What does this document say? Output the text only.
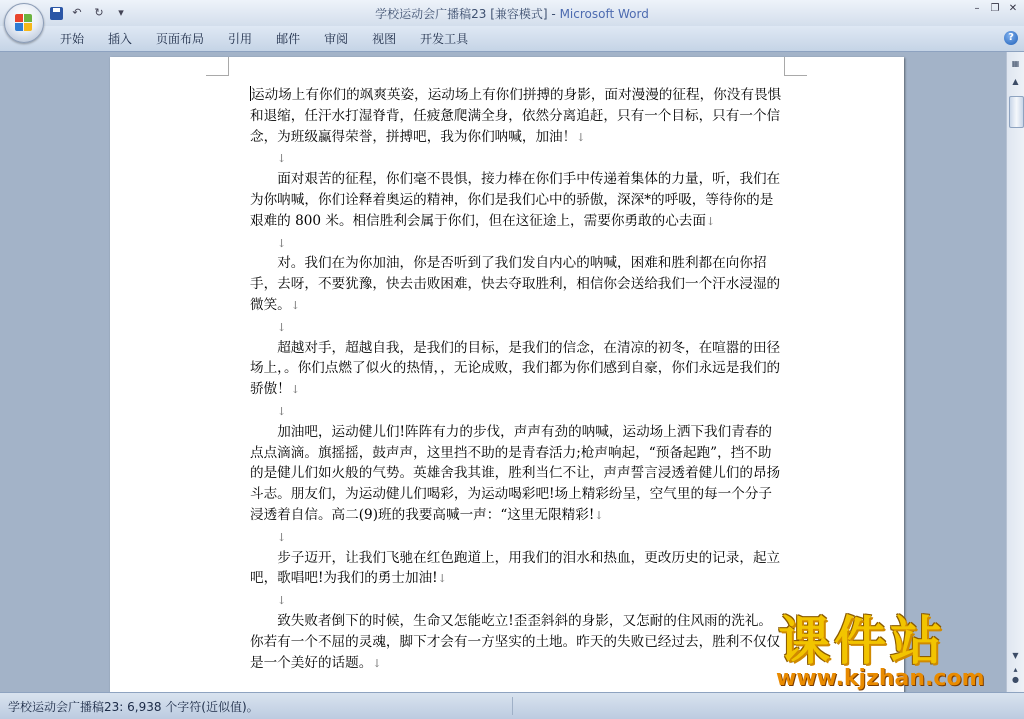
↶	↻	▾	学校运动会广播稿23 [兼容模式] - Microsoft Word	–	❐ ✕
开始	插入	页面布局	引用	邮件	审阅	视图	开发工具	?

运动场上有你们的飒爽英姿，运动场上有你们拼搏的身影，面对漫漫的征程，你没有畏惧和退缩，任汗水打湿脊背，任疲惫爬满全身，依然分离追赶，只有一个目标，只有一个信念，为班级赢得荣誉，拼搏吧，我为你们呐喊，加油！↓

↓

面对艰苦的征程，你们毫不畏惧，接力棒在你们手中传递着集体的力量，听，我们在为你呐喊，你们诠释着奥运的精神，你们是我们心中的骄傲，深深*的呼吸，等待你的是艰难的 800 米。相信胜利会属于你们，但在这征途上，需要你勇敢的心去面↓

↓

对。我们在为你加油，你是否听到了我们发自内心的呐喊，困难和胜利都在向你招手，去呀，不要犹豫，快去击败困难，快去夺取胜利，相信你会送给我们一个汗水浸湿的微笑。↓

↓

超越对手，超越自我，是我们的目标，是我们的信念，在清凉的初冬，在喧嚣的田径场上，。你们点燃了似火的热情，，无论成败，我们都为你们感到自豪，你们永远是我们的骄傲！↓

↓

加油吧，运动健儿们!阵阵有力的步伐，声声有劲的呐喊，运动场上洒下我们青春的点点滴滴。旗摇摇，鼓声声，这里挡不助的是青春活力;枪声响起，“预备起跑”，挡不助的是健儿们如火般的气势。英雄舍我其谁，胜利当仁不让，声声誓言浸透着健儿们的昂扬斗志。朋友们，为运动健儿们喝彩，为运动喝彩吧!场上精彩纷呈，空气里的每一个分子浸透着自信。高二(9)班的我要高喊一声：“这里无限精彩!↓

↓

步子迈开，让我们飞驰在红色跑道上，用我们的泪水和热血，更改历史的记录，起立吧，歌唱吧!为我们的勇士加油!↓

↓

致失败者倒下的时候，生命又怎能屹立!歪歪斜斜的身影，又怎耐的住风雨的洗礼。你若有一个不屈的灵魂，脚下才会有一方坚实的土地。昨天的失败已经过去，胜利不仅仅是一个美好的话题。↓

▦
▲
▼
▴
●
学校运动会广播稿23: 6,938 个字符(近似值)。
课件站
www.kjzhan.com
